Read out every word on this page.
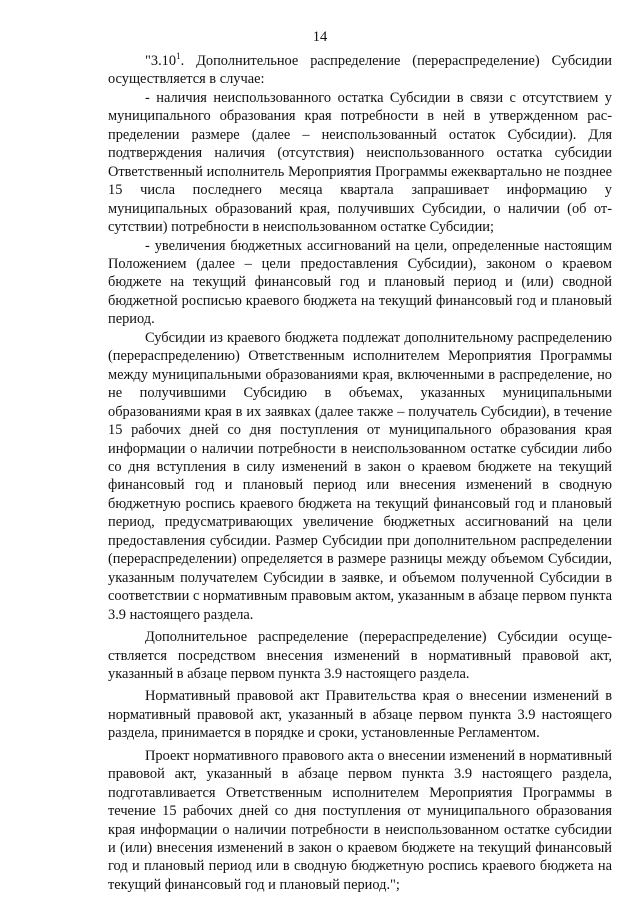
14

"3.10$^1$. Дополнительное распределение (перераспределение) Субсидии осуществляется в случае:

- наличия неиспользованного остатка Субсидии в связи с отсутствием у муниципального образования края потребности в ней в утвержденном распределении размере (далее – неиспользованный остаток Субсидии). Для подтверждения наличия (отсутствия) неиспользованного остатка субсидии Ответственный исполнитель Мероприятия Программы ежеквартально не позднее 15 числа последнего месяца квартала запрашивает информацию у муниципальных образований края, получивших Субсидии, о наличии (об отсутствии) потребности в неиспользованном остатке Субсидии;

- увеличения бюджетных ассигнований на цели, определенные настоящим Положением (далее – цели предоставления Субсидии), законом о краевом бюджете на текущий финансовый год и плановый период и (или) сводной бюджетной росписью краевого бюджета на текущий финансовый год и плановый период.

Субсидии из краевого бюджета подлежат дополнительному распределению (перераспределению) Ответственным исполнителем Мероприятия Программы между муниципальными образованиями края, включенными в распределение, но не получившими Субсидию в объемах, указанных муниципальными образованиями края в их заявках (далее также – получатель Субсидии), в течение 15 рабочих дней со дня поступления от муниципального образования края информации о наличии потребности в неиспользованном остатке субсидии либо со дня вступления в силу изменений в закон о краевом бюджете на текущий финансовый год и плановый период или внесения изменений в сводную бюджетную роспись краевого бюджета на текущий финансовый год и плановый период, предусматривающих увеличение бюджетных ассигнований на цели предоставления субсидии. Размер Субсидии при дополнительном распределении (перераспределении) определяется в размере разницы между объемом Субсидии, указанным получателем Субсидии в заявке, и объемом полученной Субсидии в соответствии с нормативным правовым актом, указанным в абзаце первом пункта 3.9 настоящего раздела.

Дополнительное распределение (перераспределение) Субсидии осуществляется посредством внесения изменений в нормативный правовой акт, указанный в абзаце первом пункта 3.9 настоящего раздела.

Нормативный правовой акт Правительства края о внесении изменений в нормативный правовой акт, указанный в абзаце первом пункта 3.9 настоящего раздела, принимается в порядке и сроки, установленные Регламентом.

Проект нормативного правового акта о внесении изменений в нормативный правовой акт, указанный в абзаце первом пункта 3.9 настоящего раздела, подготавливается Ответственным исполнителем Мероприятия Программы в течение 15 рабочих дней со дня поступления от муниципального образования края информации о наличии потребности в неиспользованном остатке субсидии и (или) внесения изменений в закон о краевом бюджете на текущий финансовый год и плановый период или в сводную бюджетную роспись краевого бюджета на текущий финансовый год и плановый период.";
